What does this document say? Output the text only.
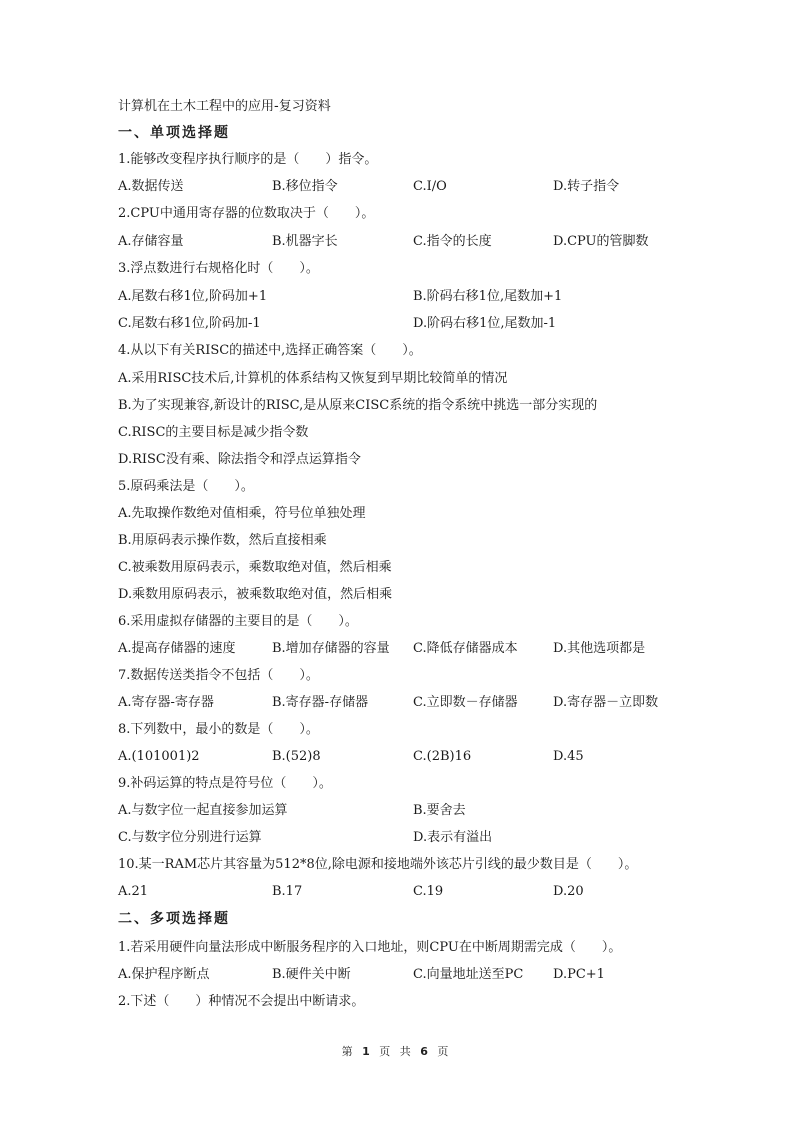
计算机在土木工程中的应用-复习资料
一、单项选择题
1.能够改变程序执行顺序的是（　　）指令。
A.数据传送	B.移位指令	C.I/O	D.转子指令
2.CPU中通用寄存器的位数取决于（　　）。
A.存储容量	B.机器字长	C.指令的长度	D.CPU的管脚数
3.浮点数进行右规格化时（　　）。
A.尾数右移1位,阶码加+1	B.阶码右移1位,尾数加+1
C.尾数右移1位,阶码加-1	D.阶码右移1位,尾数加-1
4.从以下有关RISC的描述中,选择正确答案（　　）。
A.采用RISC技术后,计算机的体系结构又恢复到早期比较简单的情况
B.为了实现兼容,新设计的RISC,是从原来CISC系统的指令系统中挑选一部分实现的
C.RISC的主要目标是减少指令数
D.RISC没有乘、除法指令和浮点运算指令
5.原码乘法是（　　）。
A.先取操作数绝对值相乘，符号位单独处理
B.用原码表示操作数，然后直接相乘
C.被乘数用原码表示，乘数取绝对值，然后相乘
D.乘数用原码表示，被乘数取绝对值，然后相乘
6.采用虚拟存储器的主要目的是（　　）。
A.提高存储器的速度	B.增加存储器的容量 C.降低存储器成本	D.其他选项都是
7.数据传送类指令不包括（　　）。
A.寄存器-寄存器	B.寄存器-存储器	C.立即数－存储器	D.寄存器－立即数
8.下列数中，最小的数是（　　）。
A.(101001)2	B.(52)8	C.(2B)16	D.45
9.补码运算的特点是符号位（　　）。
A.与数字位一起直接参加运算	B.要舍去
C.与数字位分别进行运算	D.表示有溢出
10.某一RAM芯片其容量为512*8位,除电源和接地端外该芯片引线的最少数目是（　　）。
A.21	B.17	C.19	D.20
二、多项选择题
1.若采用硬件向量法形成中断服务程序的入口地址，则CPU在中断周期需完成（　　）。
A.保护程序断点	B.硬件关中断	C.向量地址送至PC D.PC+1
2.下述（　　）种情况不会提出中断请求。
第 1 页 共 6 页
